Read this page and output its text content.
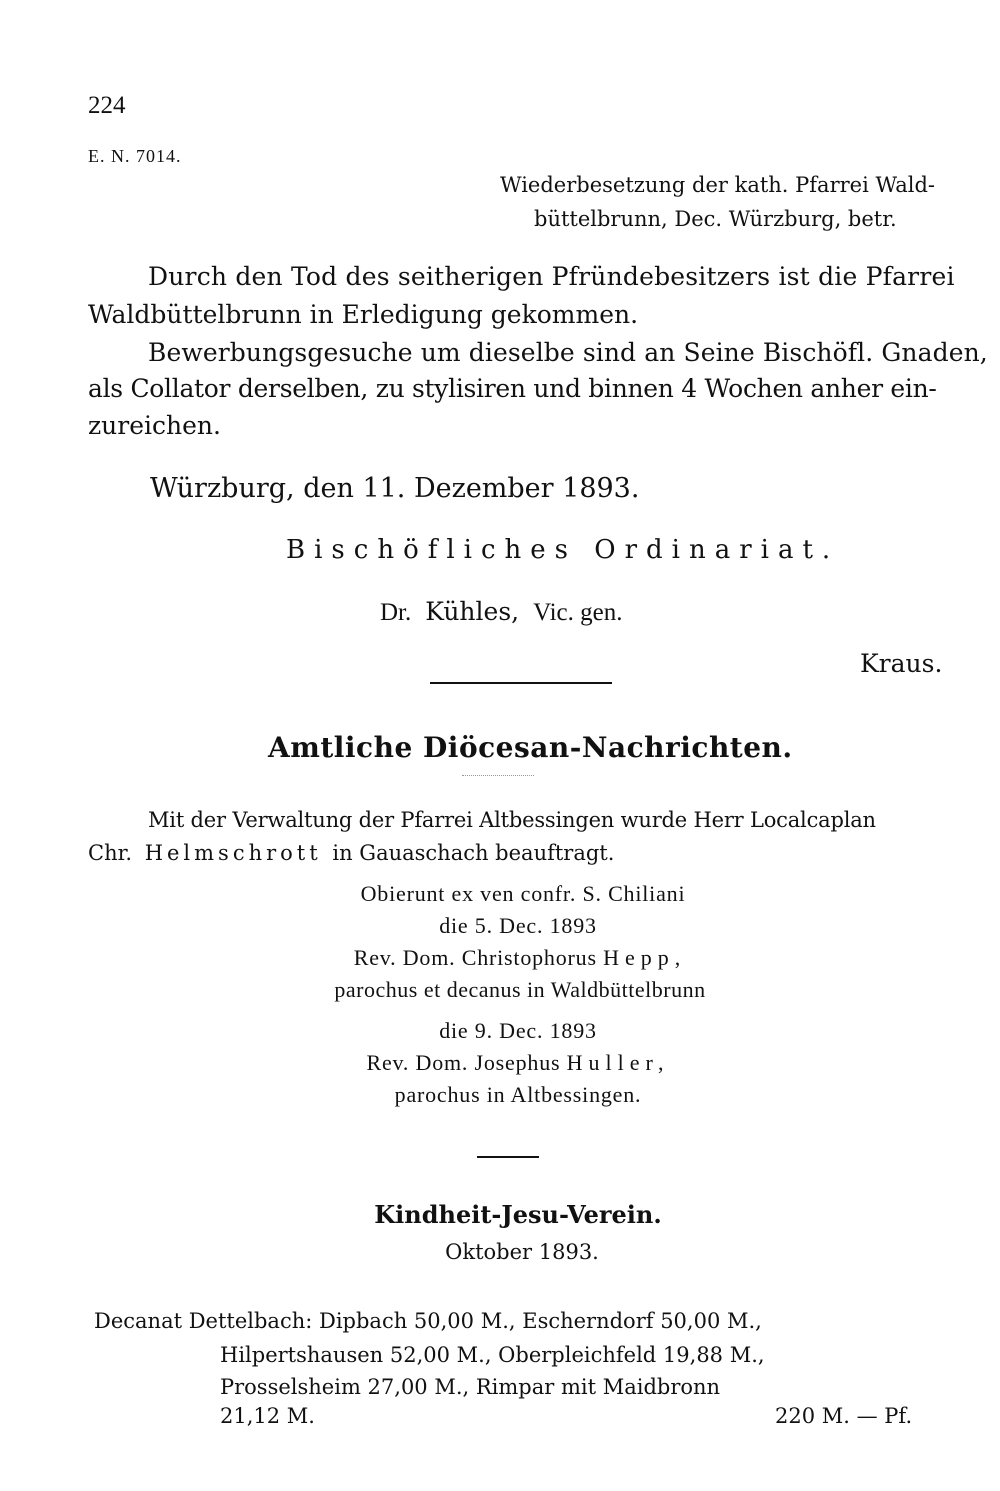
224
E. N. 7014.
Wiederbesetzung der kath. Pfarrei Wald-
büttelbrunn, Dec. Würzburg, betr.
Durch den Tod des seitherigen Pfründebesitzers ist die Pfarrei
Waldbüttelbrunn in Erledigung gekommen.
Bewerbungsgesuche um dieselbe sind an Seine Bischöfl. Gnaden,
als Collator derselben, zu stylisiren und binnen 4 Wochen anher ein-
zureichen.
Würzburg, den 11. Dezember 1893.
Bischöfliches Ordinariat.
Dr. Kühles, Vic. gen.
Kraus.
Amtliche Diöcesan-Nachrichten.
Mit der Verwaltung der Pfarrei Altbessingen wurde Herr Localcaplan
Chr. Helmschrott in Gauaschach beauftragt.
Obierunt ex ven confr. S. Chiliani
die 5. Dec. 1893
Rev. Dom. Christophorus Hepp,
parochus et decanus in Waldbüttelbrunn
die 9. Dec. 1893
Rev. Dom. Josephus Huller,
parochus in Altbessingen.
Kindheit-Jesu-Verein.
Oktober 1893.
Decanat Dettelbach: Dipbach 50,00 M., Escherndorf 50,00 M.,
Hilpertshausen 52,00 M., Oberpleichfeld 19,88 M.,
Prosselsheim 27,00 M., Rimpar mit Maidbronn
21,12 M.	220 M. — Pf.
